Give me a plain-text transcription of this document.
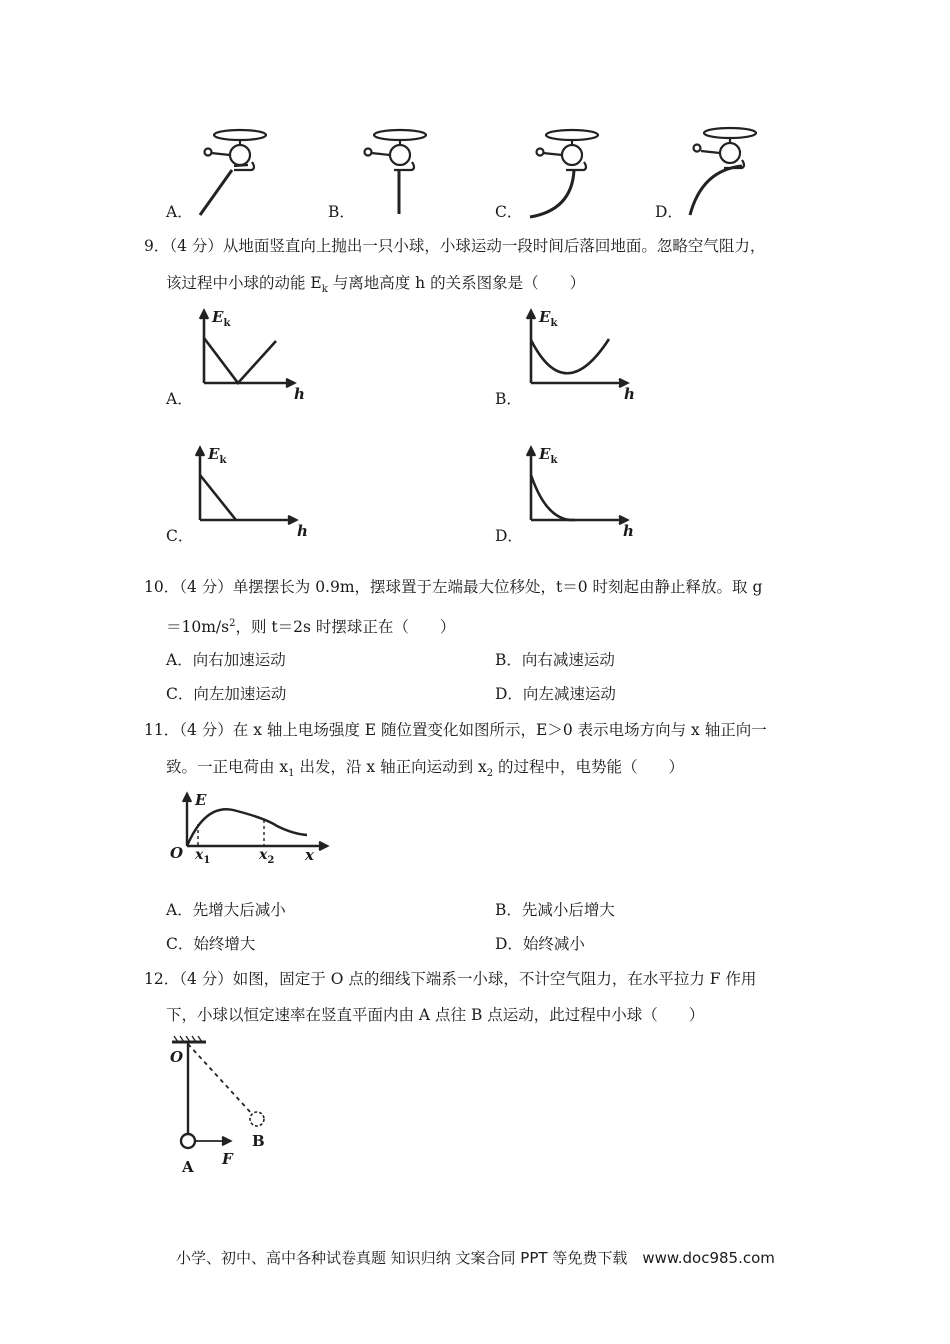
A．	B．	C．	D．
9．（4 分）从地面竖直向上抛出一只小球，小球运动一段时间后落回地面。忽略空气阻力，
该过程中小球的动能 $E_k$ 与离地高度 h 的关系图象是（　　）
$E_k$
h
A．
$E_k$
h
B．
$E_k$
h
C．
$E_k$
h
D．
10．（4 分）单摆摆长为 0.9m，摆球置于左端最大位移处，t＝0 时刻起由静止释放。取 g
$=10m/s^2$，则 t＝2s 时摆球正在（　　）
A．向右加速运动	B．向右减速运动
C．向左加速运动	D．向左减速运动
11．（4 分）在 x 轴上电场强度 E 随位置变化如图所示，E＞0 表示电场方向与 x 轴正向一
致。一正电荷由 $x_1$ 出发，沿 x 轴正向运动到 $x_2$ 的过程中，电势能（　　）
E
O $x_1$	$x_2$ x
A．先增大后减小	B．先减小后增大
C．始终增大	D．始终减小
12．（4 分）如图，固定于 O 点的细线下端系一小球，不计空气阻力，在水平拉力 F 作用
下，小球以恒定速率在竖直平面内由 A 点往 B 点运动，此过程中小球（　　）
O
A
B
F
小学、初中、高中各种试卷真题 知识归纳 文案合同 PPT 等免费下载　www.doc985.com
